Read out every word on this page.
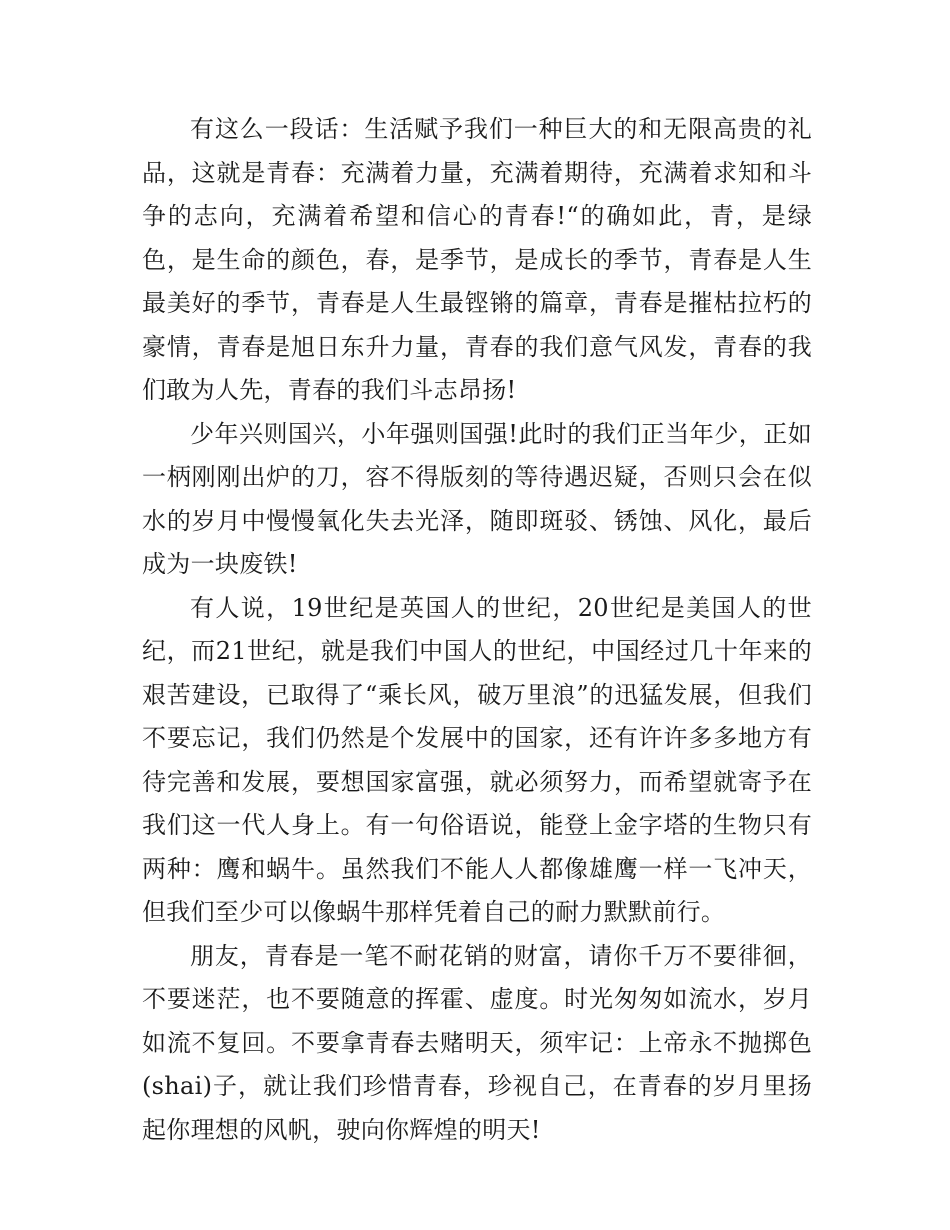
有这么一段话：生活赋予我们一种巨大的和无限高贵的礼品，这就是青春：充满着力量，充满着期待，充满着求知和斗争的志向，充满着希望和信心的青春!“的确如此，青，是绿色，是生命的颜色，春，是季节，是成长的季节，青春是人生最美好的季节，青春是人生最铿锵的篇章，青春是摧枯拉朽的豪情，青春是旭日东升力量，青春的我们意气风发，青春的我们敢为人先，青春的我们斗志昂扬!

少年兴则国兴，小年强则国强!此时的我们正当年少，正如一柄刚刚出炉的刀，容不得版刻的等待遇迟疑，否则只会在似水的岁月中慢慢氧化失去光泽，随即斑驳、锈蚀、风化，最后成为一块废铁!

有人说，19世纪是英国人的世纪，20世纪是美国人的世纪，而21世纪，就是我们中国人的世纪，中国经过几十年来的艰苦建设，已取得了“乘长风，破万里浪”的迅猛发展，但我们不要忘记，我们仍然是个发展中的国家，还有许许多多地方有待完善和发展，要想国家富强，就必须努力，而希望就寄予在我们这一代人身上。有一句俗语说，能登上金字塔的生物只有两种：鹰和蜗牛。虽然我们不能人人都像雄鹰一样一飞冲天，但我们至少可以像蜗牛那样凭着自己的耐力默默前行。

朋友，青春是一笔不耐花销的财富，请你千万不要徘徊，不要迷茫，也不要随意的挥霍、虚度。时光匆匆如流水，岁月如流不复回。不要拿青春去赌明天，须牢记：上帝永不抛掷色(shai)子，就让我们珍惜青春，珍视自己，在青春的岁月里扬起你理想的风帆，驶向你辉煌的明天!
